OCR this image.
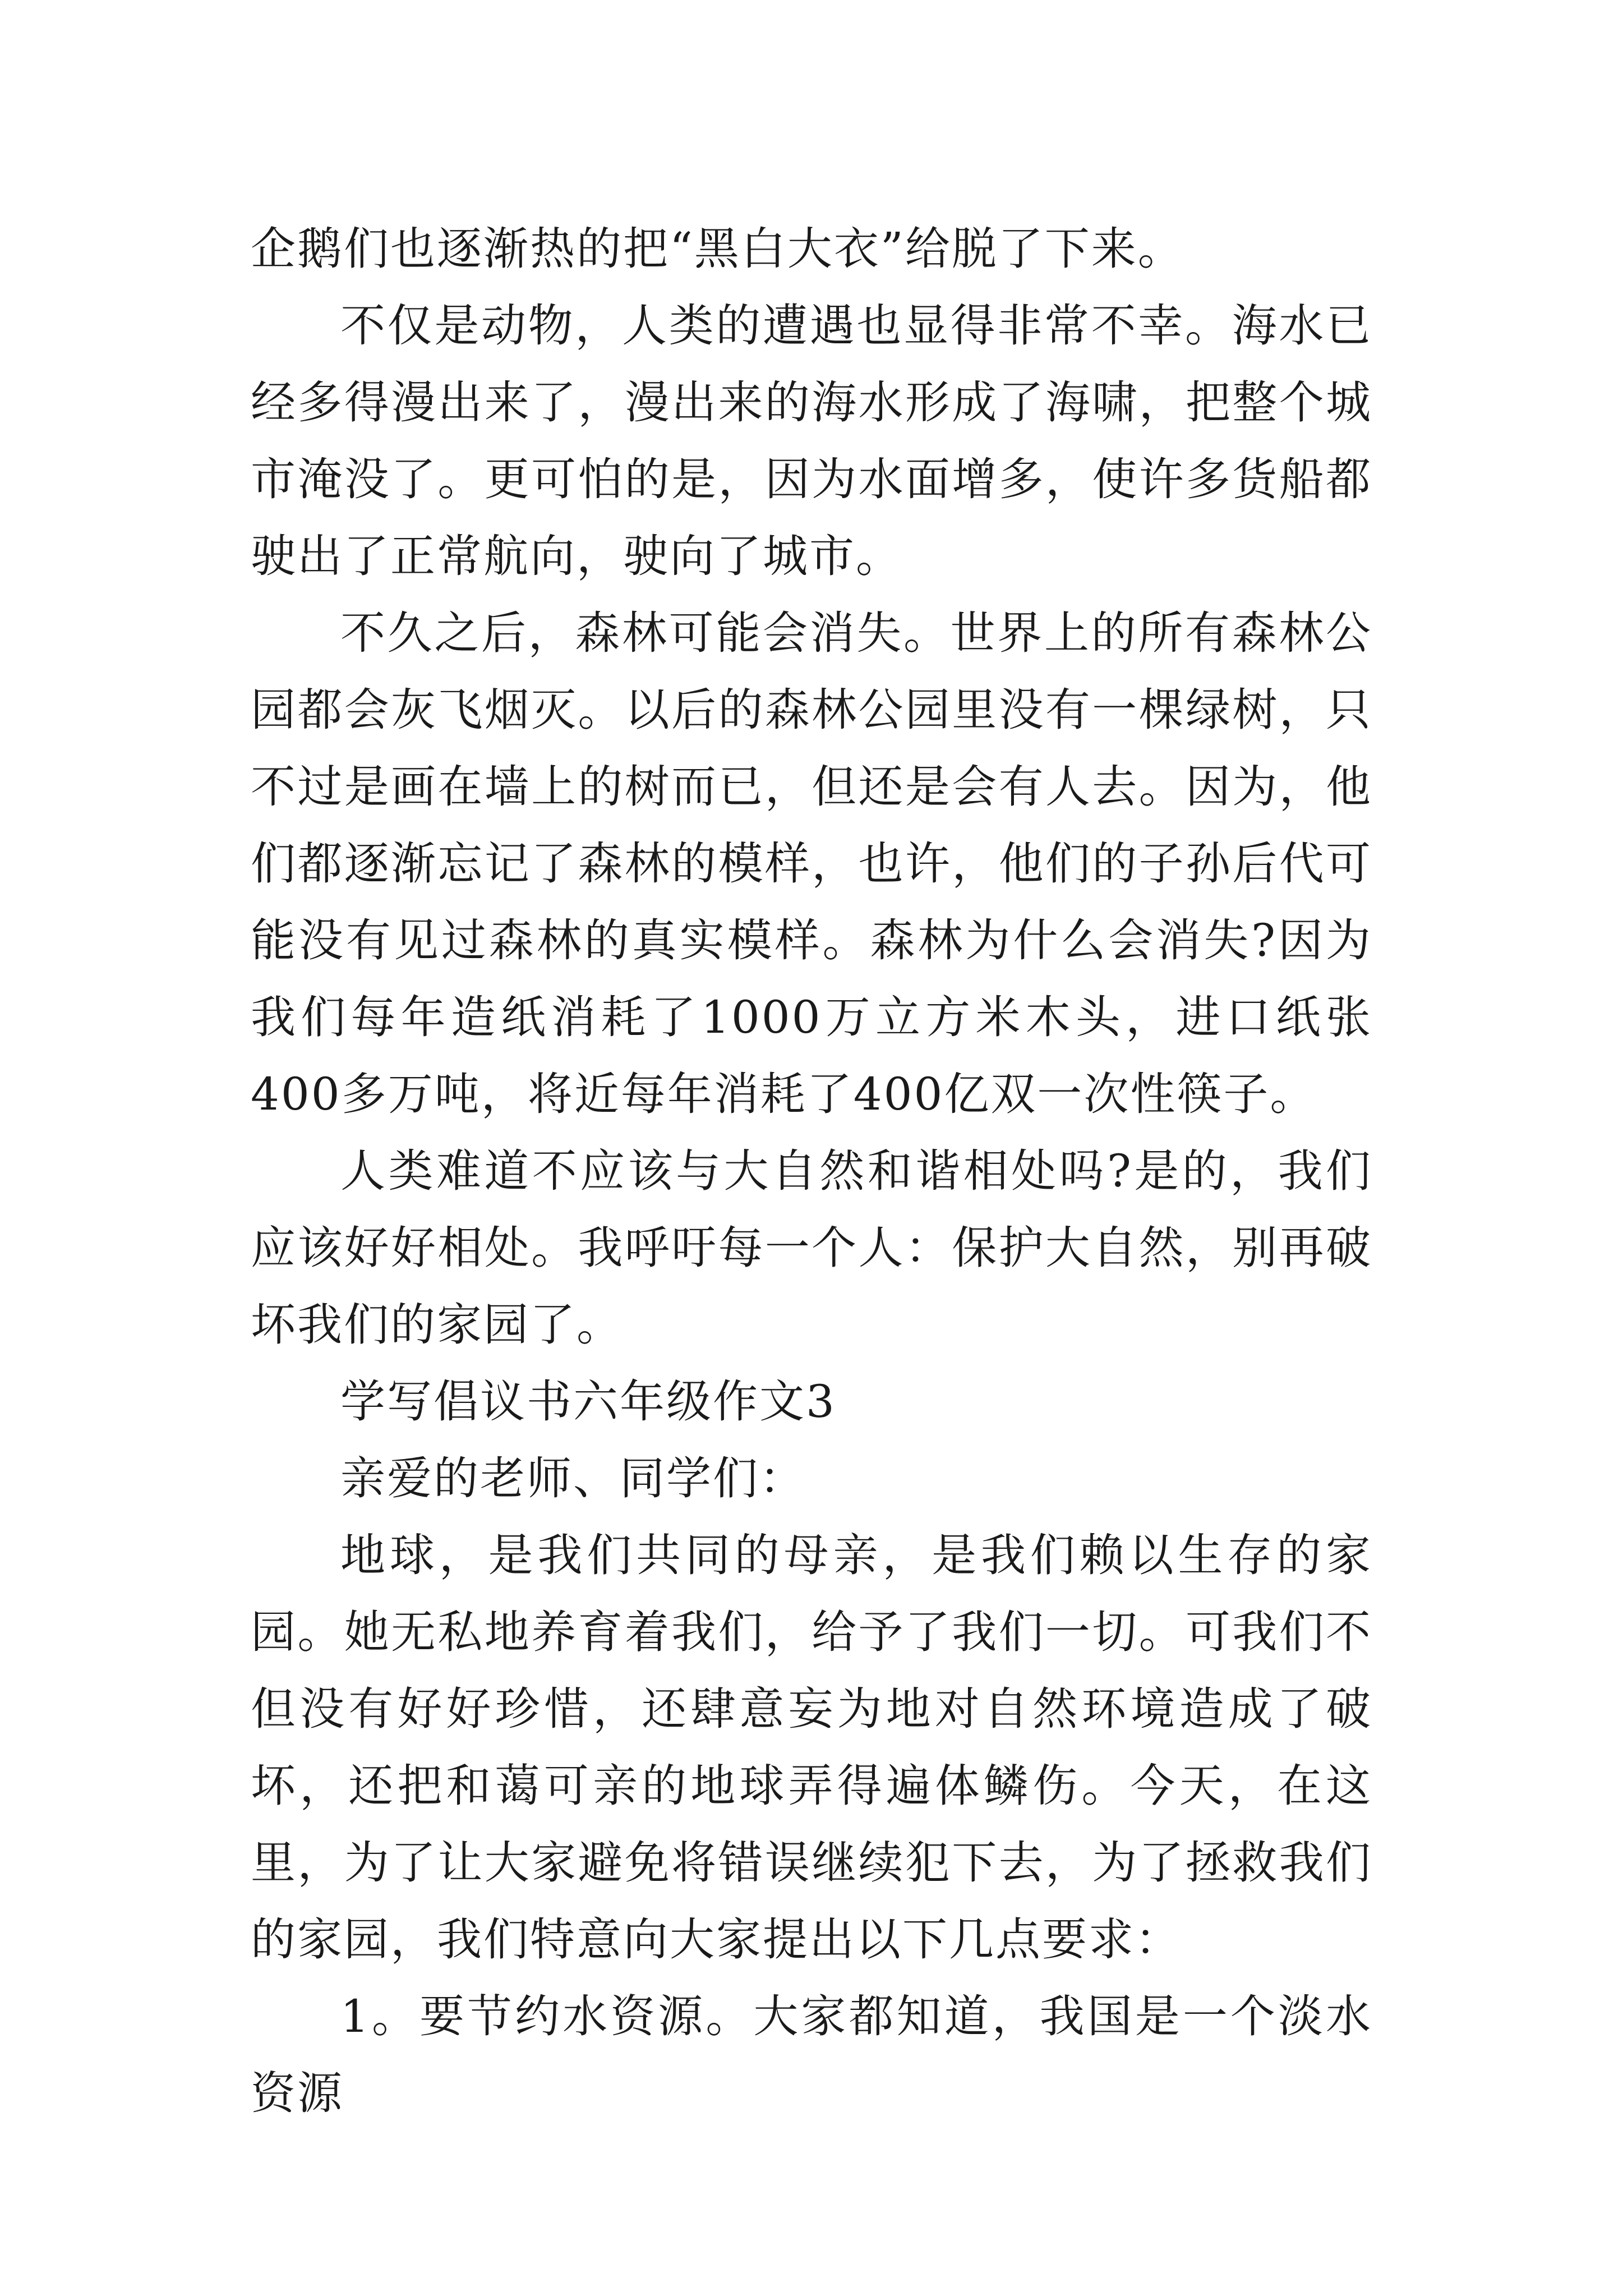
企鹅们也逐渐热的把“黑白大衣”给脱了下来。

不仅是动物，人类的遭遇也显得非常不幸。海水已经多得漫出来了，漫出来的海水形成了海啸，把整个城市淹没了。更可怕的是，因为水面增多，使许多货船都驶出了正常航向，驶向了城市。

不久之后，森林可能会消失。世界上的所有森林公园都会灰飞烟灭。以后的森林公园里没有一棵绿树，只不过是画在墙上的树而已，但还是会有人去。因为，他们都逐渐忘记了森林的模样，也许，他们的子孙后代可能没有见过森林的真实模样。森林为什么会消失?因为我们每年造纸消耗了1000万立方米木头，进口纸张400多万吨，将近每年消耗了400亿双一次性筷子。

人类难道不应该与大自然和谐相处吗?是的，我们应该好好相处。我呼吁每一个人：保护大自然，别再破坏我们的家园了。

学写倡议书六年级作文3

亲爱的老师、同学们：

地球，是我们共同的母亲，是我们赖以生存的家园。她无私地养育着我们，给予了我们一切。可我们不但没有好好珍惜，还肆意妄为地对自然环境造成了破坏，还把和蔼可亲的地球弄得遍体鳞伤。今天，在这里，为了让大家避免将错误继续犯下去，为了拯救我们的家园，我们特意向大家提出以下几点要求：

1。要节约水资源。大家都知道，我国是一个淡水资源
